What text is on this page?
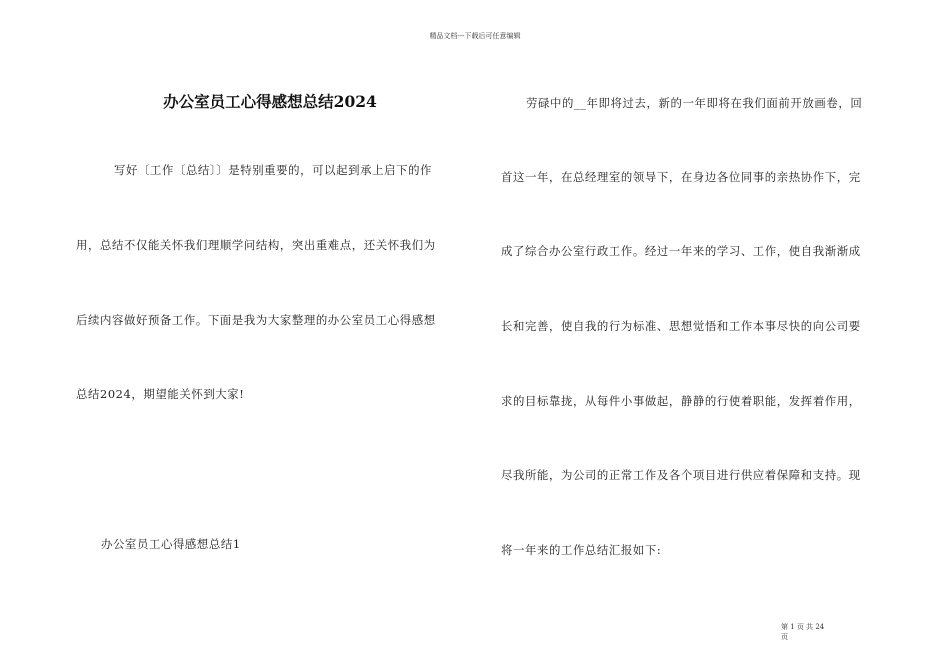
精品文档---下载后可任意编辑
办公室员工心得感想总结2024
写好〔工作〔总结〕〕是特别重要的，可以起到承上启下的作
用，总结不仅能关怀我们理顺学问结构，突出重难点，还关怀我们为
后续内容做好预备工作。下面是我为大家整理的办公室员工心得感想
总结2024，期望能关怀到大家!
办公室员工心得感想总结1
劳碌中的__年即将过去，新的一年即将在我们面前开放画卷，回
首这一年，在总经理室的领导下，在身边各位同事的亲热协作下，完
成了综合办公室行政工作。经过一年来的学习、工作，使自我渐渐成
长和完善，使自我的行为标准、思想觉悟和工作本事尽快的向公司要
求的目标靠拢，从每件小事做起，静静的行使着职能，发挥着作用，
尽我所能，为公司的正常工作及各个项目进行供应着保障和支持。现
将一年来的工作总结汇报如下:
第 1 页 共 24
页
